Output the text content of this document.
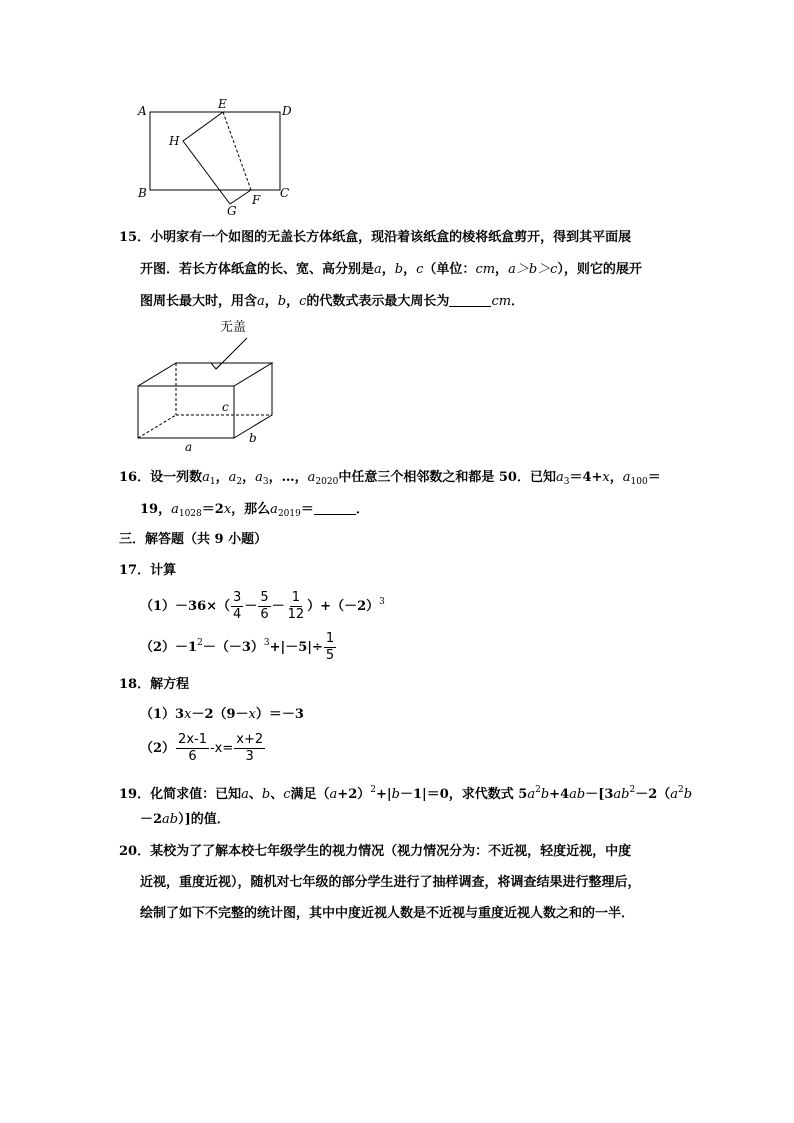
A
B	C
D
E
F
G
H
15．小明家有一个如图的无盖长方体纸盒，现沿着该纸盒的棱将纸盒剪开，得到其平面展
开图．若长方体纸盒的长、宽、高分别是a，b，c（单位：cm，a＞b＞c），则它的展开
图周长最大时，用含a，b，c的代数式表示最大周长为	cm．
无盖
a
b
c
16．设一列数$a_1$，$a_2$，$a_3$，…，$a_{2020}$中任意三个相邻数之和都是 50．已知$a_3=4+x$，$a_{100}=$
19，$a_{1028}=2x$，那么$a_{2019}=$	．
三．解答题（共 9 小题）
17．计算
$(1)-36\times( \frac{3}{4} - \frac{5}{6} - \frac{1}{12} )+(-2)^3$
$(2)-1^2-(-3)^3+|-5|\div \frac{1}{5}$
18．解方程
（1）3x－2（9－x）＝－3
$(2) \frac{2x-1}{6} -x= \frac{x+2}{3}$
19．化简求值：已知a、b、c满足$(a+2)^2+|b-1|=0$，求代数式 $5a^2b+4ab-[3ab^2-2(a^2b$
－2ab）]的值．
20．某校为了了解本校七年级学生的视力情况（视力情况分为：不近视，轻度近视，中度
近视，重度近视），随机对七年级的部分学生进行了抽样调查，将调查结果进行整理后，
绘制了如下不完整的统计图，其中中度近视人数是不近视与重度近视人数之和的一半．
